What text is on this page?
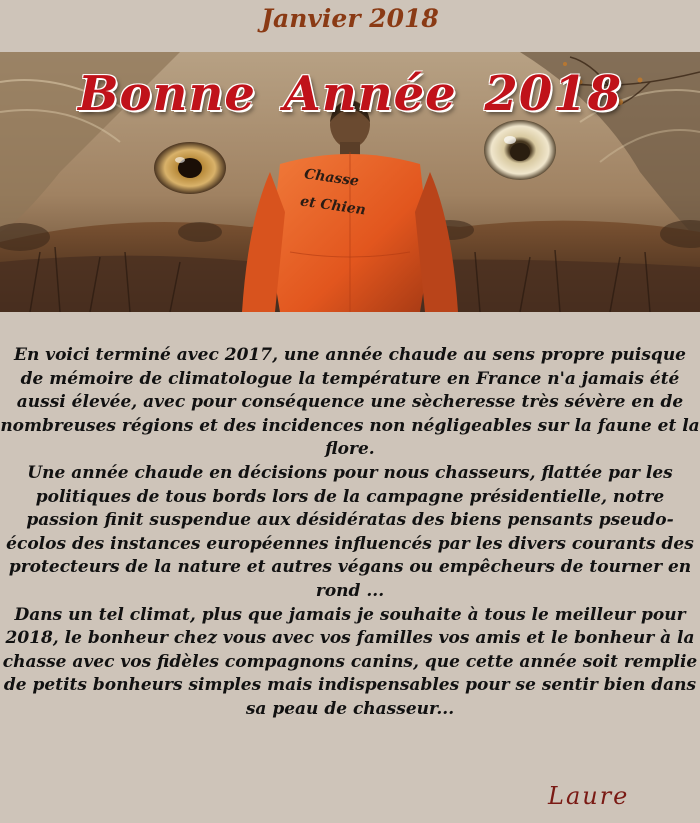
Janvier 2018
Bonne Année 2018
Chasse
et Chien

En voici terminé avec 2017, une année chaude au sens propre puisque de mémoire de climatologue la température en France n'a jamais été aussi élevée, avec pour conséquence une sècheresse très sévère en de nombreuses régions et des incidences non négligeables sur la faune et la flore.

Une année chaude en décisions pour nous chasseurs, flattée par les politiques de tous bords lors de la campagne présidentielle, notre passion finit suspendue aux désidératas des biens pensants pseudo-écolos des instances européennes influencés par les divers courants des protecteurs de la nature et autres végans ou empêcheurs de tourner en rond ...

Dans un tel climat, plus que jamais je souhaite à tous le meilleur pour 2018, le bonheur chez vous avec vos familles vos amis et le bonheur à la chasse avec vos fidèles compagnons canins, que cette année soit remplie de petits bonheurs simples mais indispensables pour se sentir bien dans sa peau de chasseur...

Laure
